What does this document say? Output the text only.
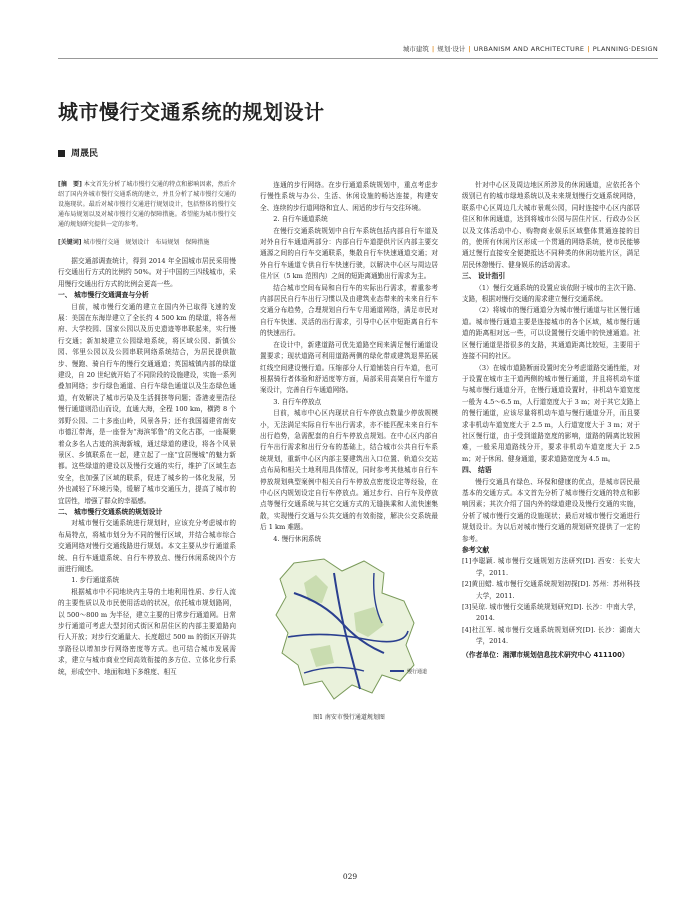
城市建筑 | 规划·设计 | URBANISM AND ARCHITECTURE | PLANNING·DESIGN
城市慢行交通系统的规划设计
周晟民

[摘　要] 本文首先分析了城市慢行交通的特点和影响因素，然后介绍了国内外城市慢行交通系统的建立，并且分析了城市慢行交通的设施现状。最后对城市慢行交通进行规划设计，包括整体的慢行交通布局规划以及对城市慢行交通的保障措施。希望能为城市慢行交通的规划研究提供一定的参考。

[关键词] 城市慢行交通　规划设计　布局规划　保障措施

据交通部调查统计，得到 2014 年全国城市居民采用慢行交通出行方式的比例约 50%。对于中国的三四线城市，采用慢行交通出行方式的比例会更高一些。

一、 城市慢行交通调查与分析

目前，城市慢行交通的建立在国内外已取得飞速的发展：美国在东海岸建立了全长约 4 500 km 的绿道，将各州府、大学校园、国家公园以及历史遗迹等串联起来，实行慢行交通；新加坡建立公园绿地系统，将区域公园、新镇公园、邻里公园以及公园串联网络系统结合，为居民提供散步、慢跑、骑自行车的慢行交通通道；英国城镇内部的绿道建设，自 20 世纪就开始了不同阶段的设施建设，实施一系列叠加网络；步行绿色通道、自行车绿色通道以及生态绿色通道，有效解决了城市污染及生活拥挤等问题；香港麦里浩径慢行通道则沿山而设，直通大海，全程 100 km，横跨 8 个郊野公园、二十多座山岭，风景各异；还有我国福建省南安市德江带海，是一座誉为“海滨邹鲁”的文化古郡，一座凝聚着众多名人古迹的滨海新城，通过绿道的建设，将各个风景景区、乡镇联系在一起，建立起了一座“宜居慢城”的魅力新都。这些绿道的建设以及慢行交通的实行，维护了区域生态安全，也加强了区域的联系，促进了城乡的一体化发展，另外也减轻了环境污染，缓解了城市交通压力，提高了城市的宜居性，增强了群众的幸福感。

二、 城市慢行交通系统的规划设计

对城市慢行交通系统进行规划时，应该充分考虑城市的布局特点，将城市划分为不同的慢行区域，并结合城市综合交通网络对慢行交通线路进行规划。本文主要从步行通道系统、自行车通道系统、自行车停放点、慢行休闲系统四个方面进行阐述。

1. 步行通道系统

根据城市中不同地块内主导的土地利用性质、步行人流的主要性质以及市民使用活动的状况，依托城市规划路网，以 500～800 m 为半径，建立主要的日常步行通道网。日常步行通道可考虑大型封闭式街区和居住区的内部主要道路向行人开放；对步行交通量大、长度超过 500 m 的街区开辟共享路径以增加步行网络密度等方式。也可结合城市发展需求，建立与城市商业空间高效衔接的多方位、立体化步行系统，形成空中、地面和地下多维度、相互

连通的步行网络。在步行通道系统规划中，重点考虑步行慢性系统与办公、生活、休闲设施的畅达连接，构建安全、连续的步行道网络和宜人、闲适的步行与交往环境。

2. 自行车通道系统

在慢行交通系统规划中自行车系统包括内部自行车道及对外自行车通道两部分：内部自行车道提供片区内部主要交通源之间的自行车交通联系，集散自行车快速通道交通；对外自行车通道专供自行车快速行驶，以解决中心区与周边居住片区（5 km 范围内）之间的短距离通勤出行需求为主。

结合城市空间布局和自行车的实际出行需求，着重参考内部居民自行车出行习惯以及由建筑业态带来的未来自行车交通分布趋势，合理规划自行车专用通道网络，满足市民对自行车快速、灵活的出行需求，引导中心区中短距离自行车的快速出行。

在设计中，新建道路可优先道路空间来满足慢行通道设置要求；现状道路可利用道路两侧的绿化带或建筑退界拓展红线空间建设慢行道。压缩部分人行道铺装自行车道，也可根据骑行者体验和舒适度等方面，局部采用高架自行车道方案设计，完善自行车通道网络。

3. 自行车停放点

目前，城市中心区内现状自行车停放点数量少停放规模小，无法满足实际自行车出行需求，亦不能匹配未来自行车出行趋势，急需配套的自行车停放点规划。在中心区内部自行车出行需求和出行分布的基础上，结合城市公共自行车系统规划，重新中心区内部主要建筑出入口位置、轨道公交站点布局和相关土地利用具体情况，同时参考其他城市自行车停放规划典型案例中相关自行车停放点密度设定等经验，在中心区内规划设定自行车停放点。通过步行、自行车及停放点等慢行交通系统与其它交通方式的无缝换乘和人流快速集散，实现慢行交通与公共交通的有效衔接，解决公交系统最后 1 km 难题。

4. 慢行休闲系统

慢行通道

图1 南安市慢行通道规划图

针对中心区及周边地区所涉及的休闲通道，应依托各个级别已有的城市绿地系统以及未来规划慢行交通系统网络，联系中心区周边几大城市景观公园，同时连接中心区内部居住区和休闲通道，达到将城市公园与居住片区、行政办公区以及文体活动中心、购物商业娱乐区域整体贯通连接的目的，使所有休闲片区形成一个贯通的网络系统，使市民能够通过慢行直接安全便捷抵达不同种类的休闲功能片区，满足居民休憩慢行、健身娱乐的活动需求。

三、 设计指引

（1）慢行交通系统的设置应该依附于城市的主次干路、支路，根据对慢行交通的需求建立慢行交通系统。

（2）将城市的慢行通道分为城市慢行通道与社区慢行通道。城市慢行通道主要是连接城市的各个区域，城市慢行通道的距离相对远一些，可以设置慢行交通中的快速通道。社区慢行通道是指很多的支路，其通道距离比较短，主要用于连接不同的社区。

（3）在城市道路断面设置时充分考虑道路交通性能，对于设置在城市主干道两侧的城市慢行通道，并且将机动车道与城市慢行通道分开，在慢行通道设置时，非机动车道宽度一般为 4.5～6.5 m，人行道宽度大于 3 m；对于其它支路上的慢行通道，应该尽量将机动车道与慢行通道分开，而且要求非机动车道宽度大于 2.5 m，人行道宽度大于 3 m；对于社区慢行道，由于受到道路宽度的影响，道路的隔离比较困难，一般采用道路线分开，要求非机动车道宽度大于 2.5 m；对于休闲、健身通道，要求道路宽度为 4.5 m。

四、 结语

慢行交通具有绿色、环保和健康的优点，是城市居民最基本的交通方式。本文首先分析了城市慢行交通的特点和影响因素；其次介绍了国内外的绿道建设及慢行交通的实施，分析了城市慢行交通的设施现状；最后对城市慢行交通进行规划设计。为以后对城市慢行交通的规划研究提供了一定的参考。

参考文献

[1]李聪颖. 城市慢行交通规划方法研究[D]. 西安：长安大学，2011.

[2]黄田蜡. 城市慢行交通系统规划初探[D]. 苏州：苏州科技大学，2011.

[3]吴琼. 城市慢行交通系统规划研究[D]. 长沙：中南大学，2014.

[4]杜江军. 城市慢行交通系统规划研究[D]. 长沙：湖南大学，2014.

（作者单位：湘潭市规划信息技术研究中心 411100）

029
